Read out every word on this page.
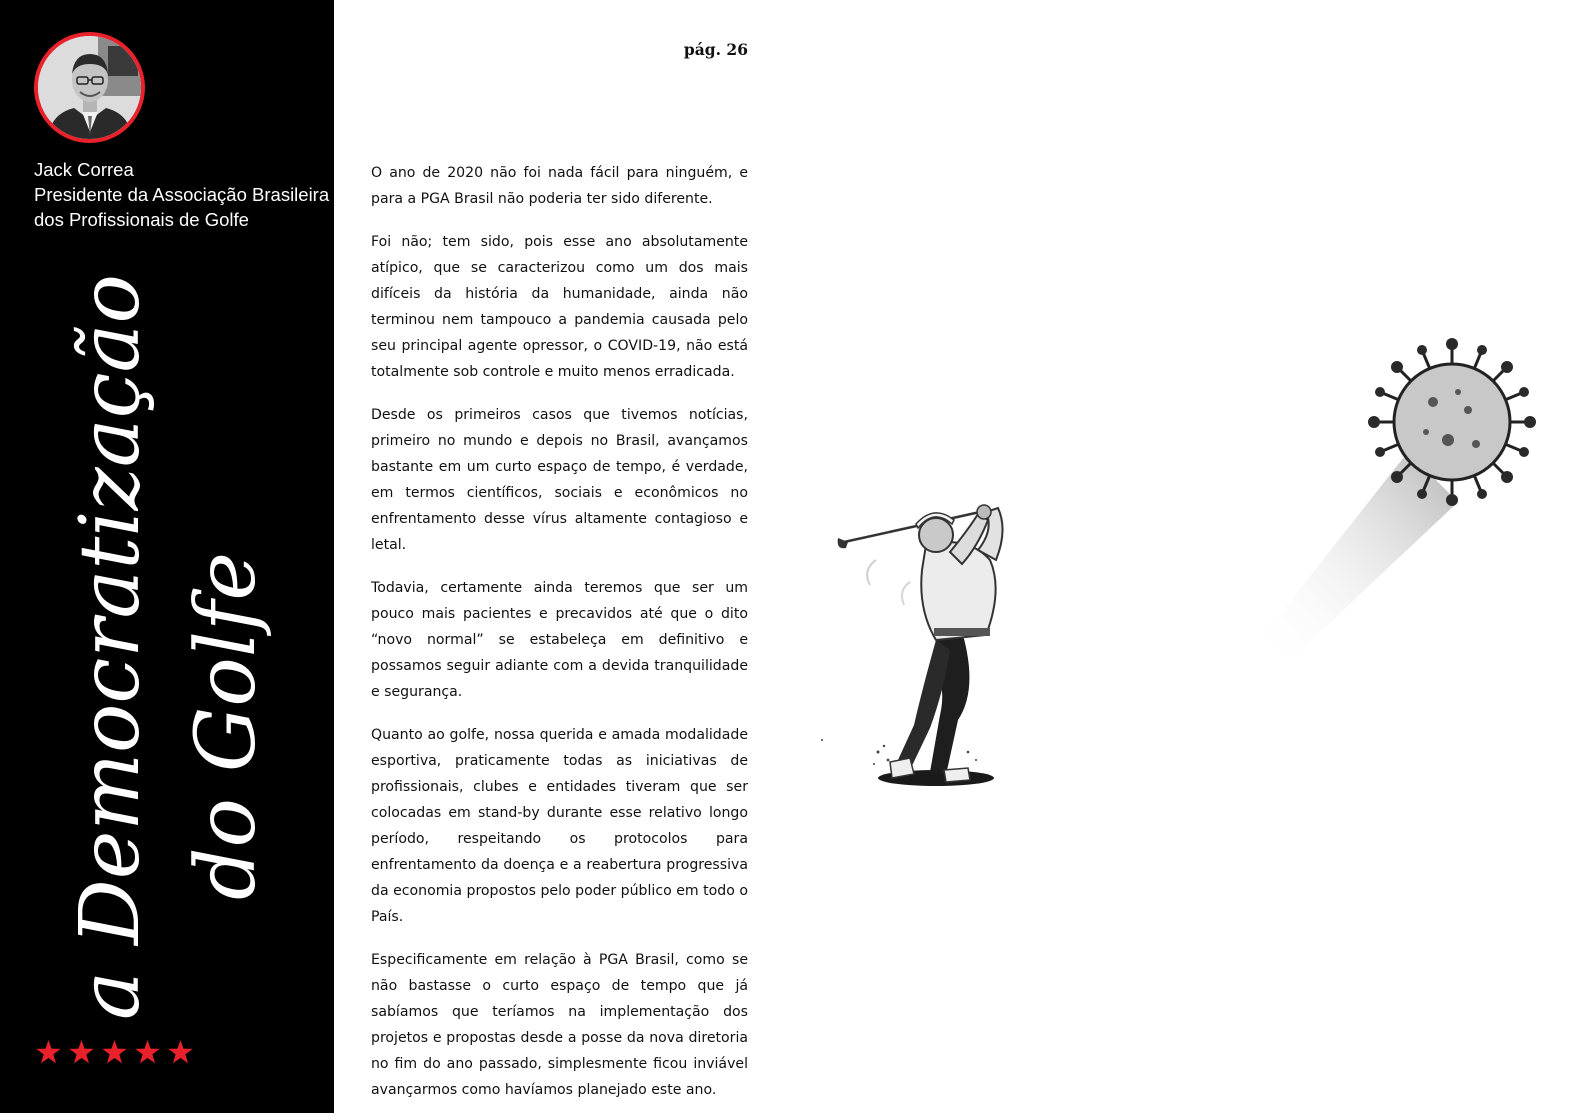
Jack Correa
Presidente da Associação Brasileira
dos Profissionais de Golfe
a Democratização do Golfe
pág. 26

O ano de 2020 não foi nada fácil para ninguém, e para a PGA Brasil não poderia ter sido diferente.

Foi não; tem sido, pois esse ano absolutamente atípico, que se caracterizou como um dos mais difíceis da história da humanidade, ainda não terminou nem tampouco a pandemia causada pelo seu principal agente opressor, o COVID-19, não está totalmente sob controle e muito menos erradicada.

Desde os primeiros casos que tivemos notícias, primeiro no mundo e depois no Brasil, avançamos bastante em um curto espaço de tempo, é verdade, em termos científicos, sociais e econômicos no enfrentamento desse vírus altamente contagioso e letal.

Todavia, certamente ainda teremos que ser um pouco mais pacientes e precavidos até que o dito “novo normal” se estabeleça em definitivo e possamos seguir adiante com a devida tranquilidade e segurança.

Quanto ao golfe, nossa querida e amada modalidade esportiva, praticamente todas as iniciativas de profissionais, clubes e entidades tiveram que ser colocadas em stand-by durante esse relativo longo período, respeitando os protocolos para enfrentamento da doença e a reabertura progressiva da economia propostos pelo poder público em todo o País.

Especificamente em relação à PGA Brasil, como se não bastasse o curto espaço de tempo que já sabíamos que teríamos na implementação dos projetos e propostas desde a posse da nova diretoria no fim do ano passado, simplesmente ficou inviável avançarmos como havíamos planejado este ano.
